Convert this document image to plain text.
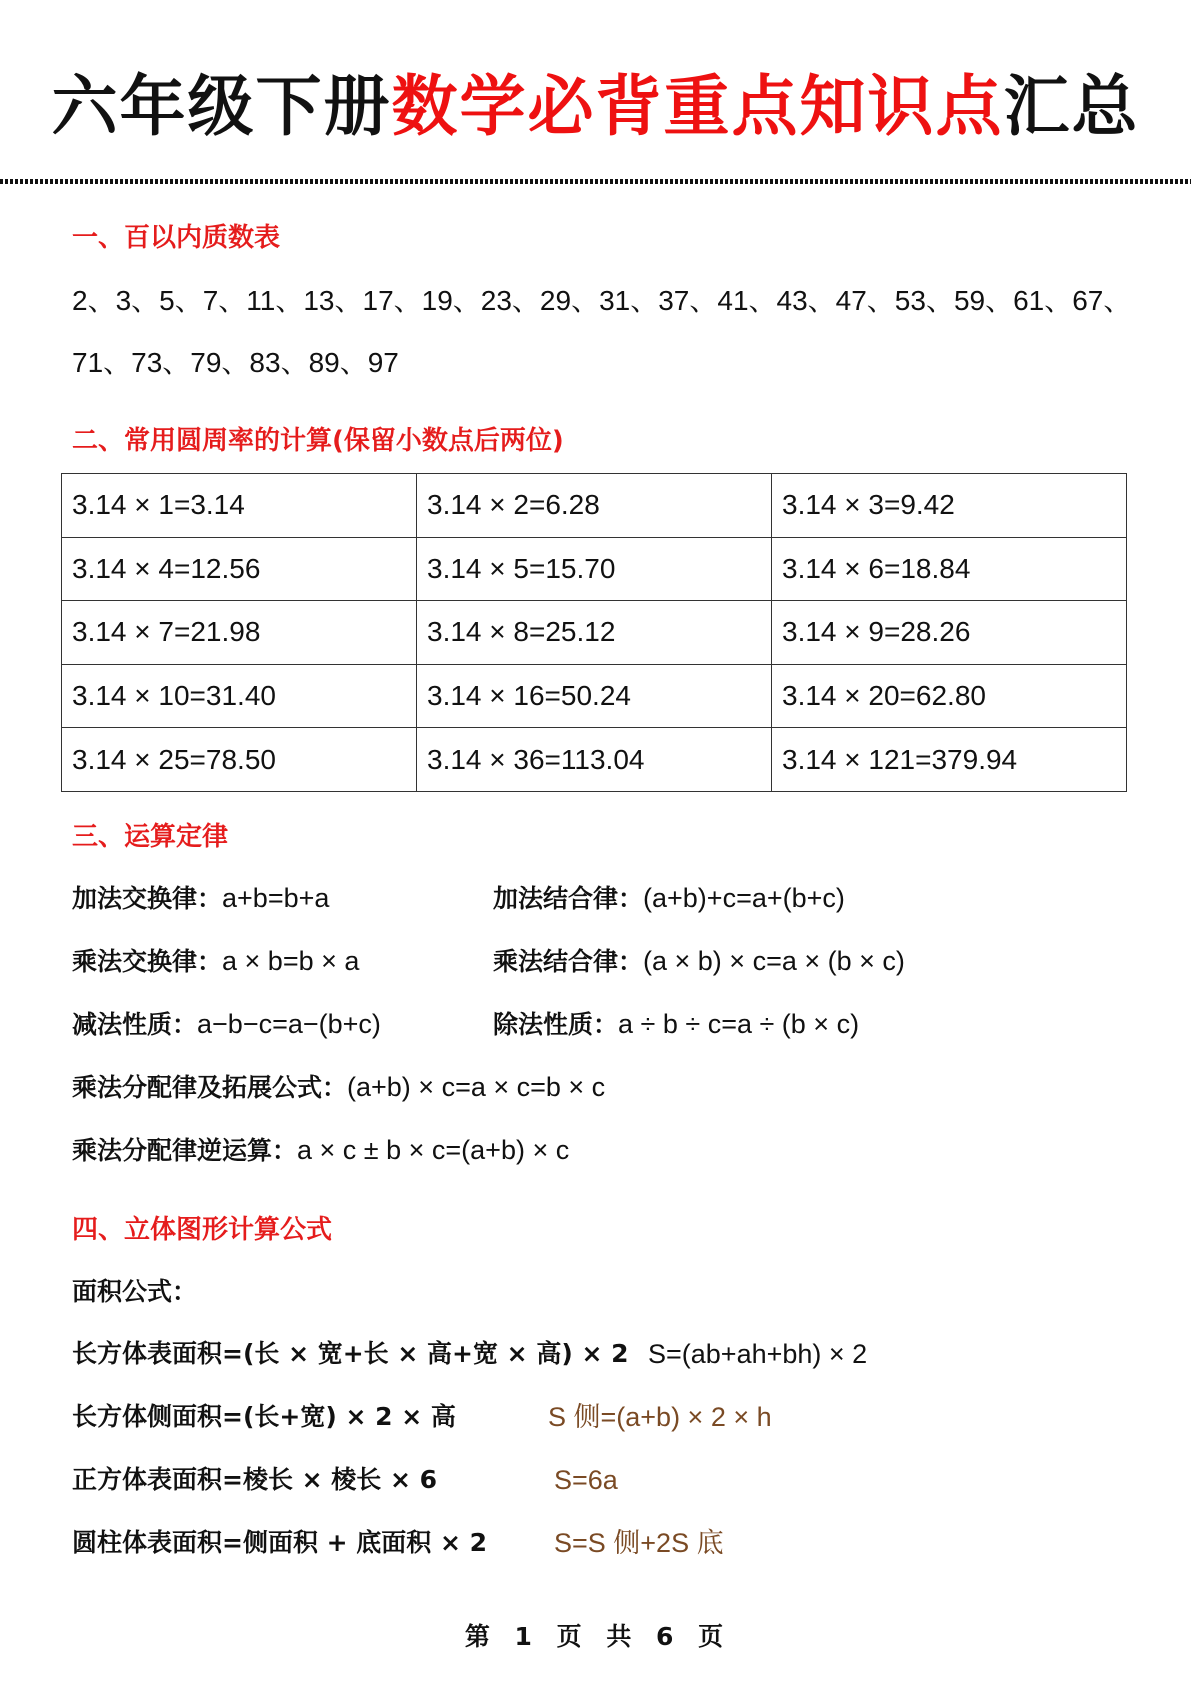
六年级下册数学必背重点知识点汇总
一、百以内质数表
2、3、5、7、11、13、17、19、23、29、31、37、41、43、47、53、59、61、67、
71、73、79、83、89、97
二、常用圆周率的计算(保留小数点后两位)
3.14 × 1=3.14	3.14 × 2=6.28	3.14 × 3=9.42
3.14 × 4=12.56	3.14 × 5=15.70	3.14 × 6=18.84
3.14 × 7=21.98	3.14 × 8=25.12	3.14 × 9=28.26
3.14 × 10=31.40	3.14 × 16=50.24	3.14 × 20=62.80
3.14 × 25=78.50	3.14 × 36=113.04	3.14 × 121=379.94
三、运算定律
加法交换律：a+b=b+a	加法结合律：(a+b)+c=a+(b+c)
乘法交换律：a × b=b × a	乘法结合律：(a × b) × c=a × (b × c)
减法性质：a−b−c=a−(b+c)	除法性质：a ÷ b ÷ c=a ÷ (b × c)
乘法分配律及拓展公式：(a+b) × c=a × c=b × c
乘法分配律逆运算：a × c ± b × c=(a+b) × c
四、立体图形计算公式
面积公式：
长方体表面积=(长 × 宽+长 × 高+宽 × 高) × 2 S=(ab+ah+bh) × 2
长方体侧面积=(长+宽) × 2 × 高	S 侧=(a+b) × 2 × h
正方体表面积=棱长 × 棱长 × 6	S=6a
圆柱体表面积=侧面积 + 底面积 × 2 S=S 侧+2S 底
第 1 页 共 6 页
